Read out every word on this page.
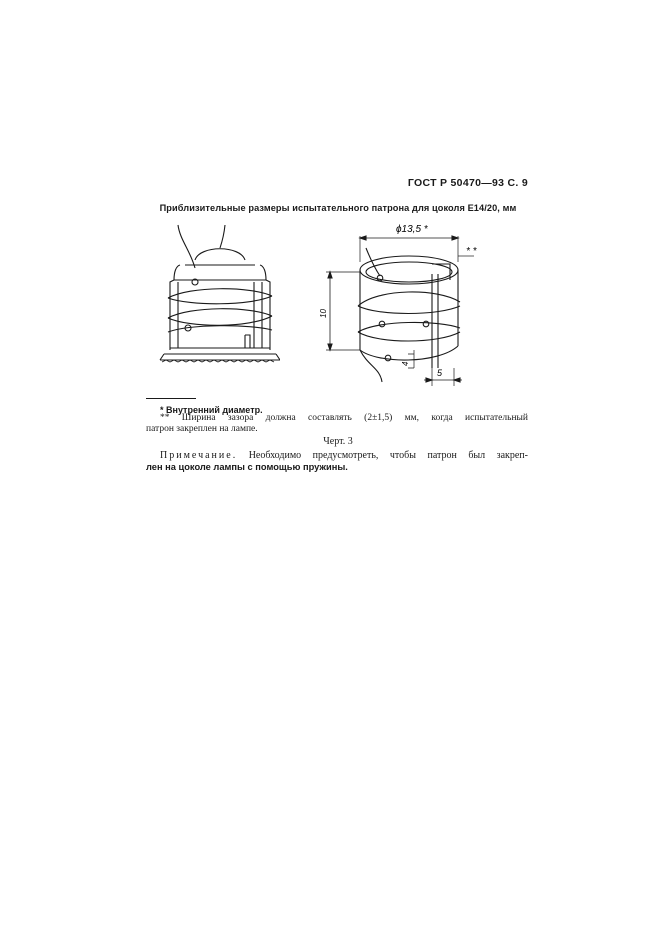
ГОСТ Р 50470—93 С. 9
Приблизительные размеры испытательного патрона для цоколя Е14/20, мм
ϕ13,5 *
* *
10
4
5
* Внутренний диаметр.
** Ширина зазора должна составлять (2±1,5) мм, когда испытательный
патрон закреплен на лампе.
Черт. 3
Примечание. Необходимо предусмотреть, чтобы патрон был закреп-
лен на цоколе лампы с помощью пружины.
